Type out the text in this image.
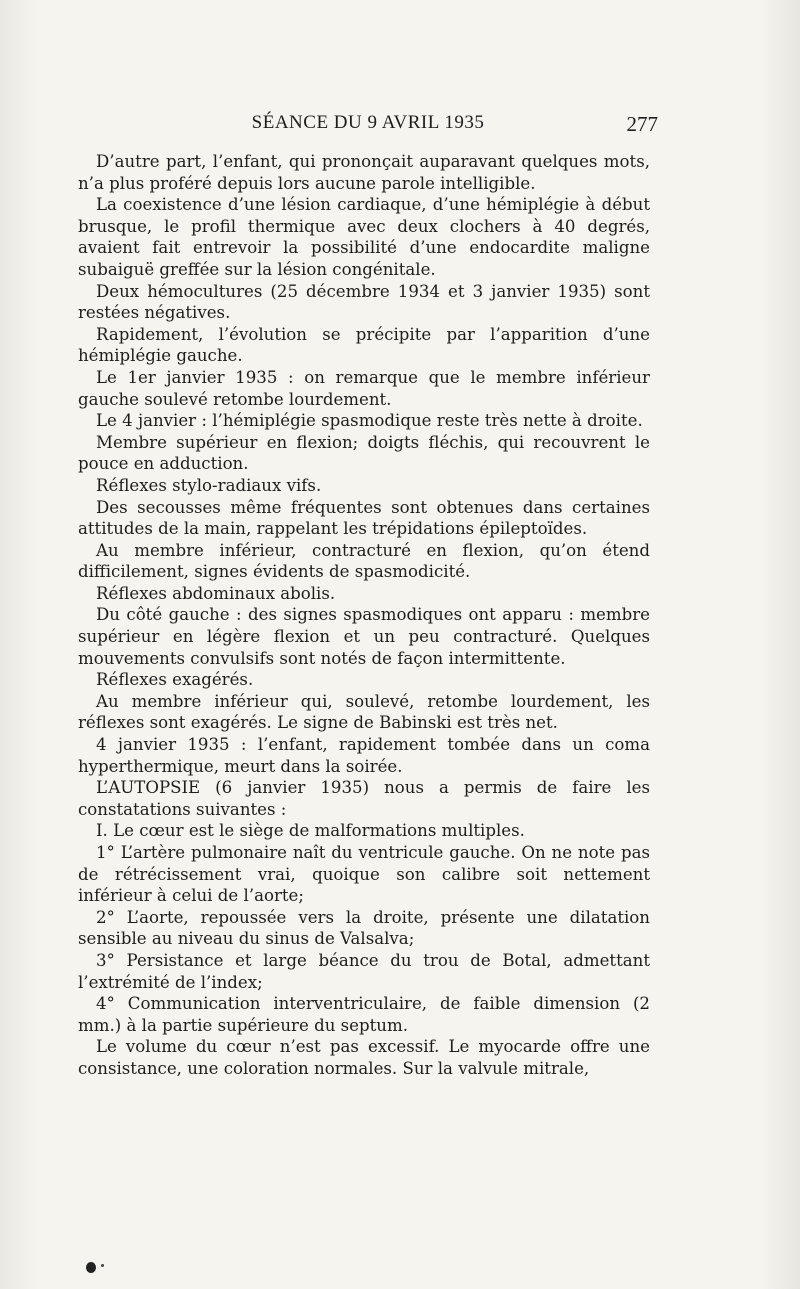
SÉANCE DU 9 AVRIL 1935	277

D’autre part, l’enfant, qui prononçait auparavant quelques mots, n’a plus proféré depuis lors aucune parole intelligible.

La coexistence d’une lésion cardiaque, d’une hémiplégie à début brusque, le profil thermique avec deux clochers à 40 degrés, avaient fait entrevoir la possibilité d’une endocardite maligne subaiguë greffée sur la lésion congénitale.

Deux hémocultures (25 décembre 1934 et 3 janvier 1935) sont restées négatives.

Rapidement, l’évolution se précipite par l’apparition d’une hémiplégie gauche.

Le 1er janvier 1935 : on remarque que le membre inférieur gauche soulevé retombe lourdement.

Le 4 janvier : l’hémiplégie spasmodique reste très nette à droite.

Membre supérieur en flexion; doigts fléchis, qui recouvrent le pouce en adduction.

Réflexes stylo-radiaux vifs.

Des secousses même fréquentes sont obtenues dans certaines attitudes de la main, rappelant les trépidations épileptoïdes.

Au membre inférieur, contracturé en flexion, qu’on étend difficilement, signes évidents de spasmodicité.

Réflexes abdominaux abolis.

Du côté gauche : des signes spasmodiques ont apparu : membre supérieur en légère flexion et un peu contracturé. Quelques mouvements convulsifs sont notés de façon intermittente.

Réflexes exagérés.

Au membre inférieur qui, soulevé, retombe lourdement, les réflexes sont exagérés. Le signe de Babinski est très net.

4 janvier 1935 : l’enfant, rapidement tombée dans un coma hyperthermique, meurt dans la soirée.

L’AUTOPSIE (6 janvier 1935) nous a permis de faire les constatations suivantes :

I. Le cœur est le siège de malformations multiples.

1° L’artère pulmonaire naît du ventricule gauche. On ne note pas de rétrécissement vrai, quoique son calibre soit nettement inférieur à celui de l’aorte;

2° L’aorte, repoussée vers la droite, présente une dilatation sensible au niveau du sinus de Valsalva;

3° Persistance et large béance du trou de Botal, admettant l’extrémité de l’index;

4° Communication interventriculaire, de faible dimension (2 mm.) à la partie supérieure du septum.

Le volume du cœur n’est pas excessif. Le myocarde offre une consistance, une coloration normales. Sur la valvule mitrale,
